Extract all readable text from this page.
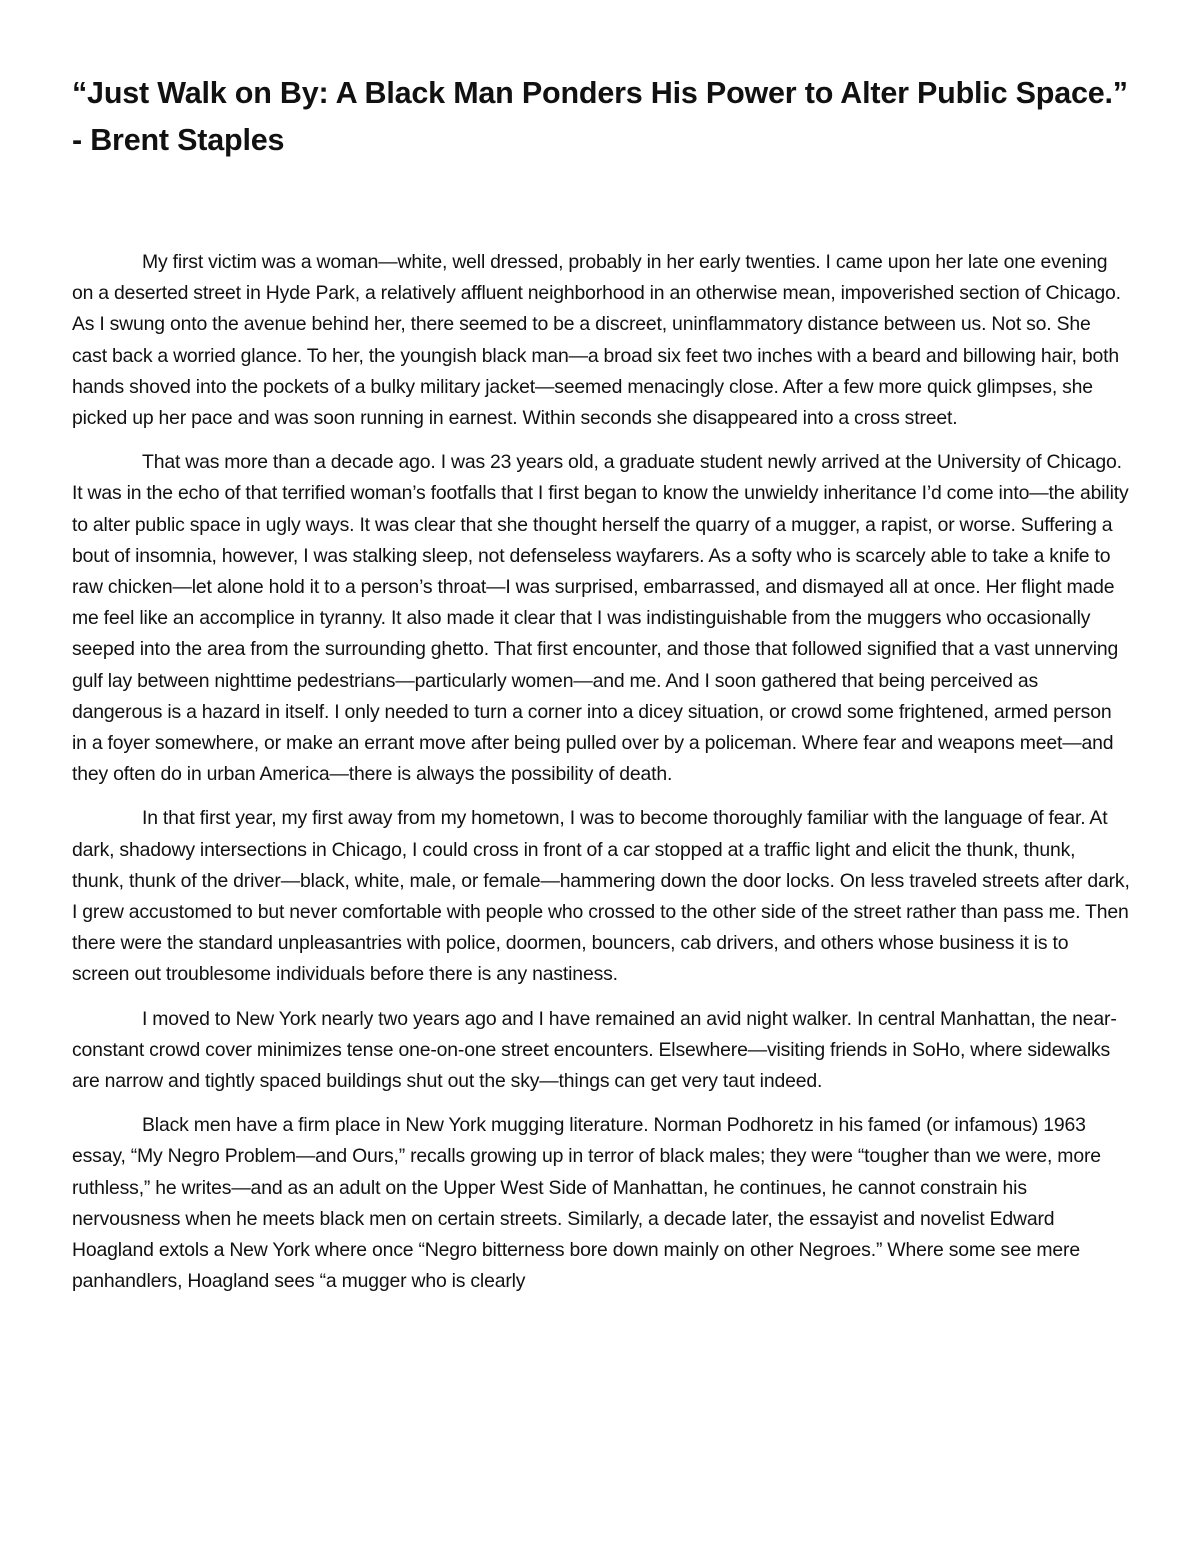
“Just Walk on By: A Black Man Ponders His Power to Alter Public Space.”
- Brent Staples

My first victim was a woman—white, well dressed, probably in her early twenties. I came upon her late one evening on a deserted street in Hyde Park, a relatively affluent neighborhood in an otherwise mean, impoverished section of Chicago. As I swung onto the avenue behind her, there seemed to be a discreet, uninflammatory distance between us. Not so. She cast back a worried glance. To her, the youngish black man—a broad six feet two inches with a beard and billowing hair, both hands shoved into the pockets of a bulky military jacket—seemed menacingly close. After a few more quick glimpses, she picked up her pace and was soon running in earnest. Within seconds she disappeared into a cross street.

That was more than a decade ago. I was 23 years old, a graduate student newly arrived at the University of Chicago. It was in the echo of that terrified woman’s footfalls that I first began to know the unwieldy inheritance I’d come into—the ability to alter public space in ugly ways. It was clear that she thought herself the quarry of a mugger, a rapist, or worse. Suffering a bout of insomnia, however, I was stalking sleep, not defenseless wayfarers. As a softy who is scarcely able to take a knife to raw chicken—let alone hold it to a person’s throat—I was surprised, embarrassed, and dismayed all at once. Her flight made me feel like an accomplice in tyranny. It also made it clear that I was indistinguishable from the muggers who occasionally seeped into the area from the surrounding ghetto. That first encounter, and those that followed signified that a vast unnerving gulf lay between nighttime pedestrians—particularly women—and me. And I soon gathered that being perceived as dangerous is a hazard in itself. I only needed to turn a corner into a dicey situation, or crowd some frightened, armed person in a foyer somewhere, or make an errant move after being pulled over by a policeman. Where fear and weapons meet—and they often do in urban America—there is always the possibility of death.

In that first year, my first away from my hometown, I was to become thoroughly familiar with the language of fear. At dark, shadowy intersections in Chicago, I could cross in front of a car stopped at a traffic light and elicit the thunk, thunk, thunk, thunk of the driver—black, white, male, or female—hammering down the door locks. On less traveled streets after dark, I grew accustomed to but never comfortable with people who crossed to the other side of the street rather than pass me. Then there were the standard unpleasantries with police, doormen, bouncers, cab drivers, and others whose business it is to screen out troublesome individuals before there is any nastiness.

I moved to New York nearly two years ago and I have remained an avid night walker. In central Manhattan, the near-constant crowd cover minimizes tense one-on-one street encounters. Elsewhere—visiting friends in SoHo, where sidewalks are narrow and tightly spaced buildings shut out the sky—things can get very taut indeed.

Black men have a firm place in New York mugging literature. Norman Podhoretz in his famed (or infamous) 1963 essay, “My Negro Problem—and Ours,” recalls growing up in terror of black males; they were “tougher than we were, more ruthless,” he writes—and as an adult on the Upper West Side of Manhattan, he continues, he cannot constrain his nervousness when he meets black men on certain streets. Similarly, a decade later, the essayist and novelist Edward Hoagland extols a New York where once “Negro bitterness bore down mainly on other Negroes.” Where some see mere panhandlers, Hoagland sees “a mugger who is clearly
